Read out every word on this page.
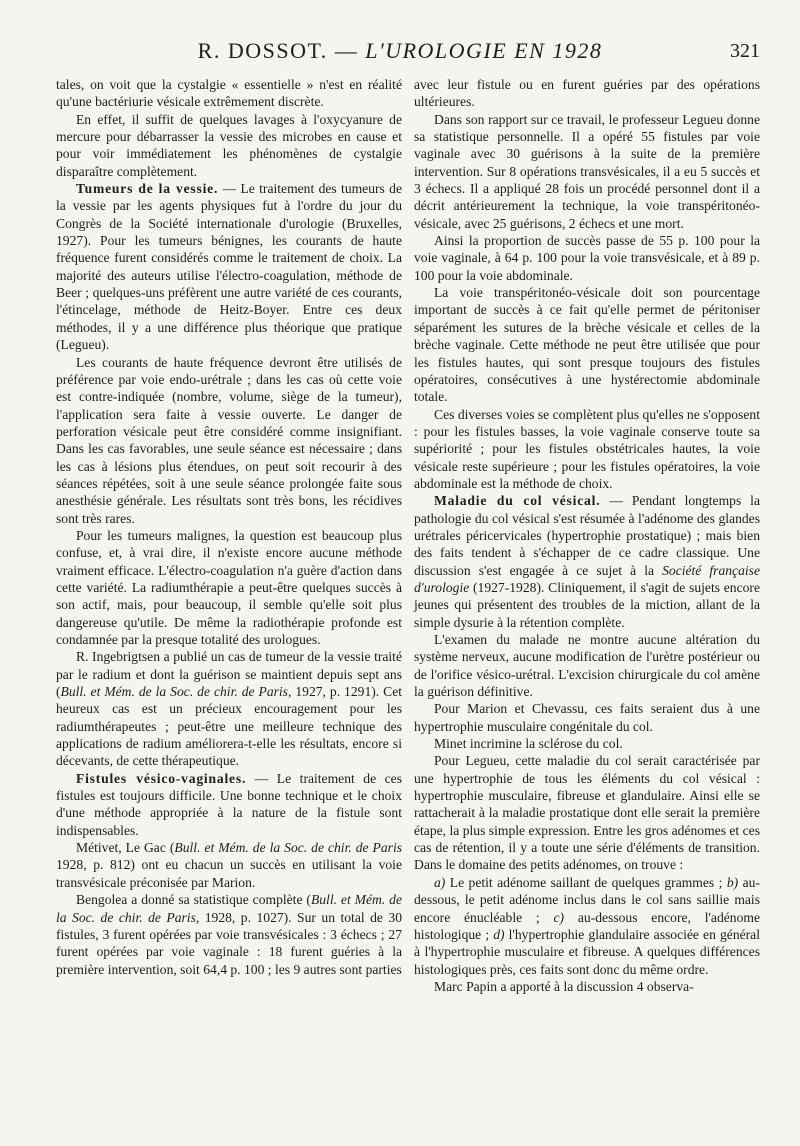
R. DOSSOT. — L'UROLOGIE EN 1928	321

tales, on voit que la cystalgie « essentielle » n'est en réalité qu'une bactériurie vésicale extrêmement discrète.

En effet, il suffit de quelques lavages à l'oxycyanure de mercure pour débarrasser la vessie des microbes en cause et pour voir immédiatement les phénomènes de cystalgie disparaître complètement.

Tumeurs de la vessie. — Le traitement des tumeurs de la vessie par les agents physiques fut à l'ordre du jour du Congrès de la Société internationale d'urologie (Bruxelles, 1927). Pour les tumeurs bénignes, les courants de haute fréquence furent considérés comme le traitement de choix. La majorité des auteurs utilise l'électro-coagulation, méthode de Beer ; quelques-uns préfèrent une autre variété de ces courants, l'étincelage, méthode de Heitz-Boyer. Entre ces deux méthodes, il y a une différence plus théorique que pratique (Legueu).

Les courants de haute fréquence devront être utilisés de préférence par voie endo-urétrale ; dans les cas où cette voie est contre-indiquée (nombre, volume, siège de la tumeur), l'application sera faite à vessie ouverte. Le danger de perforation vésicale peut être considéré comme insignifiant. Dans les cas favorables, une seule séance est nécessaire ; dans les cas à lésions plus étendues, on peut soit recourir à des séances répétées, soit à une seule séance prolongée faite sous anesthésie générale. Les résultats sont très bons, les récidives sont très rares.

Pour les tumeurs malignes, la question est beaucoup plus confuse, et, à vrai dire, il n'existe encore aucune méthode vraiment efficace. L'électro-coagulation n'a guère d'action dans cette variété. La radiumthérapie a peut-être quelques succès à son actif, mais, pour beaucoup, il semble qu'elle soit plus dangereuse qu'utile. De même la radiothérapie profonde est condamnée par la presque totalité des urologues.

R. Ingebrigtsen a publié un cas de tumeur de la vessie traité par le radium et dont la guérison se maintient depuis sept ans (Bull. et Mém. de la Soc. de chir. de Paris, 1927, p. 1291). Cet heureux cas est un précieux encouragement pour les radiumthérapeutes ; peut-être une meilleure technique des applications de radium améliorera-t-elle les résultats, encore si décevants, de cette thérapeutique.

Fistules vésico-vaginales. — Le traitement de ces fistules est toujours difficile. Une bonne technique et le choix d'une méthode appropriée à la nature de la fistule sont indispensables.

Métivet, Le Gac (Bull. et Mém. de la Soc. de chir. de Paris 1928, p. 812) ont eu chacun un succès en utilisant la voie transvésicale préconisée par Marion.

Bengolea a donné sa statistique complète (Bull. et Mém. de la Soc. de chir. de Paris, 1928, p. 1027). Sur un total de 30 fistules, 3 furent opérées par voie transvésicales : 3 échecs ; 27 furent opérées par voie vaginale : 18 furent guéries à la première intervention, soit 64,4 p. 100 ; les 9 autres sont parties

avec leur fistule ou en furent guéries par des opérations ultérieures.

Dans son rapport sur ce travail, le professeur Legueu donne sa statistique personnelle. Il a opéré 55 fistules par voie vaginale avec 30 guérisons à la suite de la première intervention. Sur 8 opérations transvésicales, il a eu 5 succès et 3 échecs. Il a appliqué 28 fois un procédé personnel dont il a décrit antérieurement la technique, la voie transpéritonéo-vésicale, avec 25 guérisons, 2 échecs et une mort.

Ainsi la proportion de succès passe de 55 p. 100 pour la voie vaginale, à 64 p. 100 pour la voie transvésicale, et à 89 p. 100 pour la voie abdominale.

La voie transpéritonéo-vésicale doit son pourcentage important de succès à ce fait qu'elle permet de péritoniser séparément les sutures de la brèche vésicale et celles de la brèche vaginale. Cette méthode ne peut être utilisée que pour les fistules hautes, qui sont presque toujours des fistules opératoires, consécutives à une hystérectomie abdominale totale.

Ces diverses voies se complètent plus qu'elles ne s'opposent : pour les fistules basses, la voie vaginale conserve toute sa supériorité ; pour les fistules obstétricales hautes, la voie vésicale reste supérieure ; pour les fistules opératoires, la voie abdominale est la méthode de choix.

Maladie du col vésical. — Pendant longtemps la pathologie du col vésical s'est résumée à l'adénome des glandes urétrales péricervicales (hypertrophie prostatique) ; mais bien des faits tendent à s'échapper de ce cadre classique. Une discussion s'est engagée à ce sujet à la Société française d'urologie (1927-1928). Cliniquement, il s'agit de sujets encore jeunes qui présentent des troubles de la miction, allant de la simple dysurie à la rétention complète.

L'examen du malade ne montre aucune altération du système nerveux, aucune modification de l'urètre postérieur ou de l'orifice vésico-urétral. L'excision chirurgicale du col amène la guérison définitive.

Pour Marion et Chevassu, ces faits seraient dus à une hypertrophie musculaire congénitale du col.

Minet incrimine la sclérose du col.

Pour Legueu, cette maladie du col serait caractérisée par une hypertrophie de tous les éléments du col vésical : hypertrophie musculaire, fibreuse et glandulaire. Ainsi elle se rattacherait à la maladie prostatique dont elle serait la première étape, la plus simple expression. Entre les gros adénomes et ces cas de rétention, il y a toute une série d'éléments de transition. Dans le domaine des petits adénomes, on trouve :

a) Le petit adénome saillant de quelques grammes ; b) au-dessous, le petit adénome inclus dans le col sans saillie mais encore énucléable ; c) au-dessous encore, l'adénome histologique ; d) l'hypertrophie glandulaire associée en général à l'hypertrophie musculaire et fibreuse. A quelques différences histologiques près, ces faits sont donc du même ordre.

Marc Papin a apporté à la discussion 4 observa-
